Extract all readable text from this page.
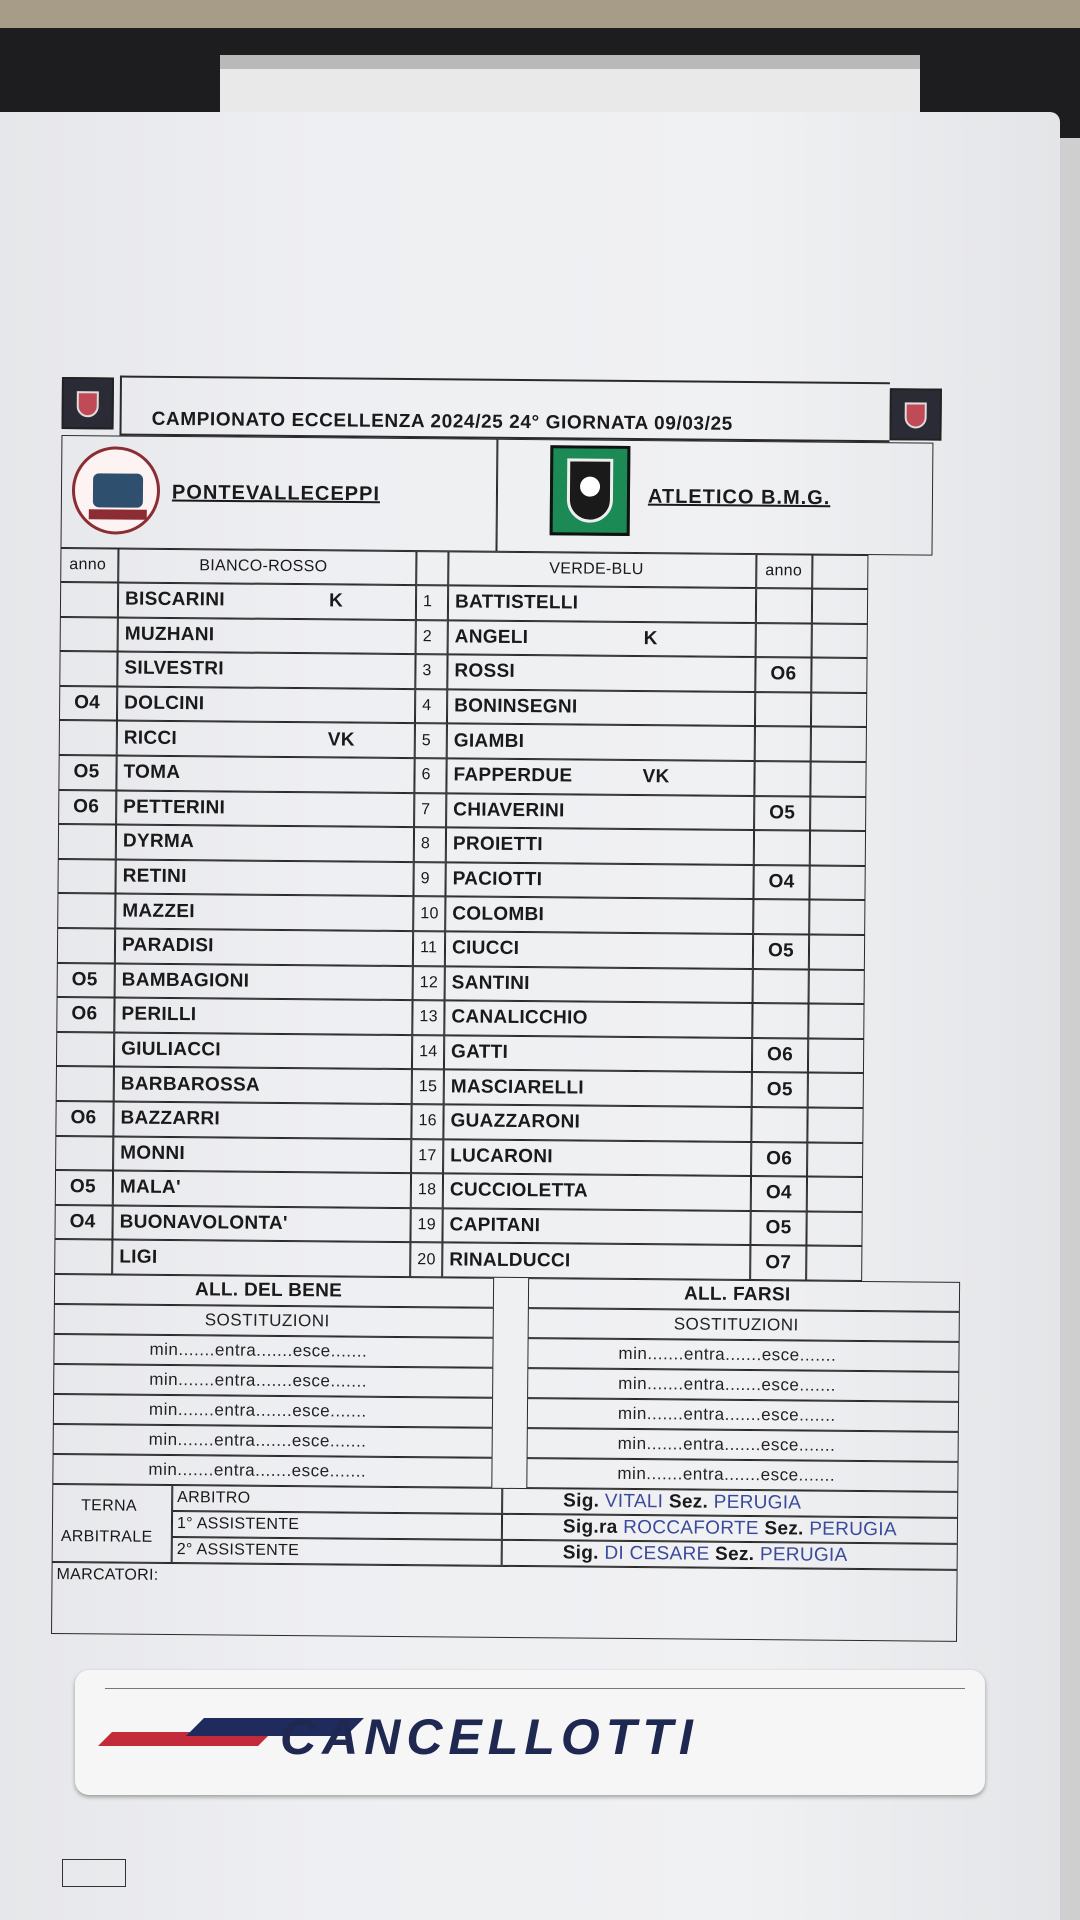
CAMPIONATO ECCELLENZA 2024/25 24° GIORNATA 09/03/25
PONTEVALLECEPPI	ATLETICO B.M.G.
anno	BIANCO-ROSSO	VERDE-BLU	anno
BISCARINI	K	1 BATTISTELLI
MUZHANI	2 ANGELI	K
SILVESTRI	3 ROSSI	O6
O4 DOLCINI	4 BONINSEGNI
RICCI	VK	5 GIAMBI
O5 TOMA	6 FAPPERDUE	VK
O6 PETTERINI	7 CHIAVERINI	O5
DYRMA	8 PROIETTI
RETINI	9 PACIOTTI	O4
MAZZEI	10 COLOMBI
PARADISI	11 CIUCCI	O5
O5 BAMBAGIONI	12 SANTINI
O6 PERILLI	13 CANALICCHIO
GIULIACCI	14 GATTI	O6
BARBAROSSA	15 MASCIARELLI	O5
O6 BAZZARRI	16 GUAZZARONI
MONNI	17 LUCARONI	O6
O5 MALA'	18 CUCCIOLETTA	O4
O4 BUONAVOLONTA'	19 CAPITANI	O5
LIGI	20 RINALDUCCI	O7
ALL. DEL BENE	ALL. FARSI
SOSTITUZIONI	SOSTITUZIONI
min.......entra.......esce.......	min.......entra.......esce.......
min.......entra.......esce.......	min.......entra.......esce.......
min.......entra.......esce.......	min.......entra.......esce.......
min.......entra.......esce.......	min.......entra.......esce.......
min.......entra.......esce.......	min.......entra.......esce.......
ARBITRO	Sig. VITALI Sez. PERUGIA
1° ASSISTENTE	Sig.ra ROCCAFORTE Sez. PERUGIA
2° ASSISTENTE	Sig. DI CESARE Sez. PERUGIA
TERNA
ARBITRALE
MARCATORI:
CANCELLOTTI
